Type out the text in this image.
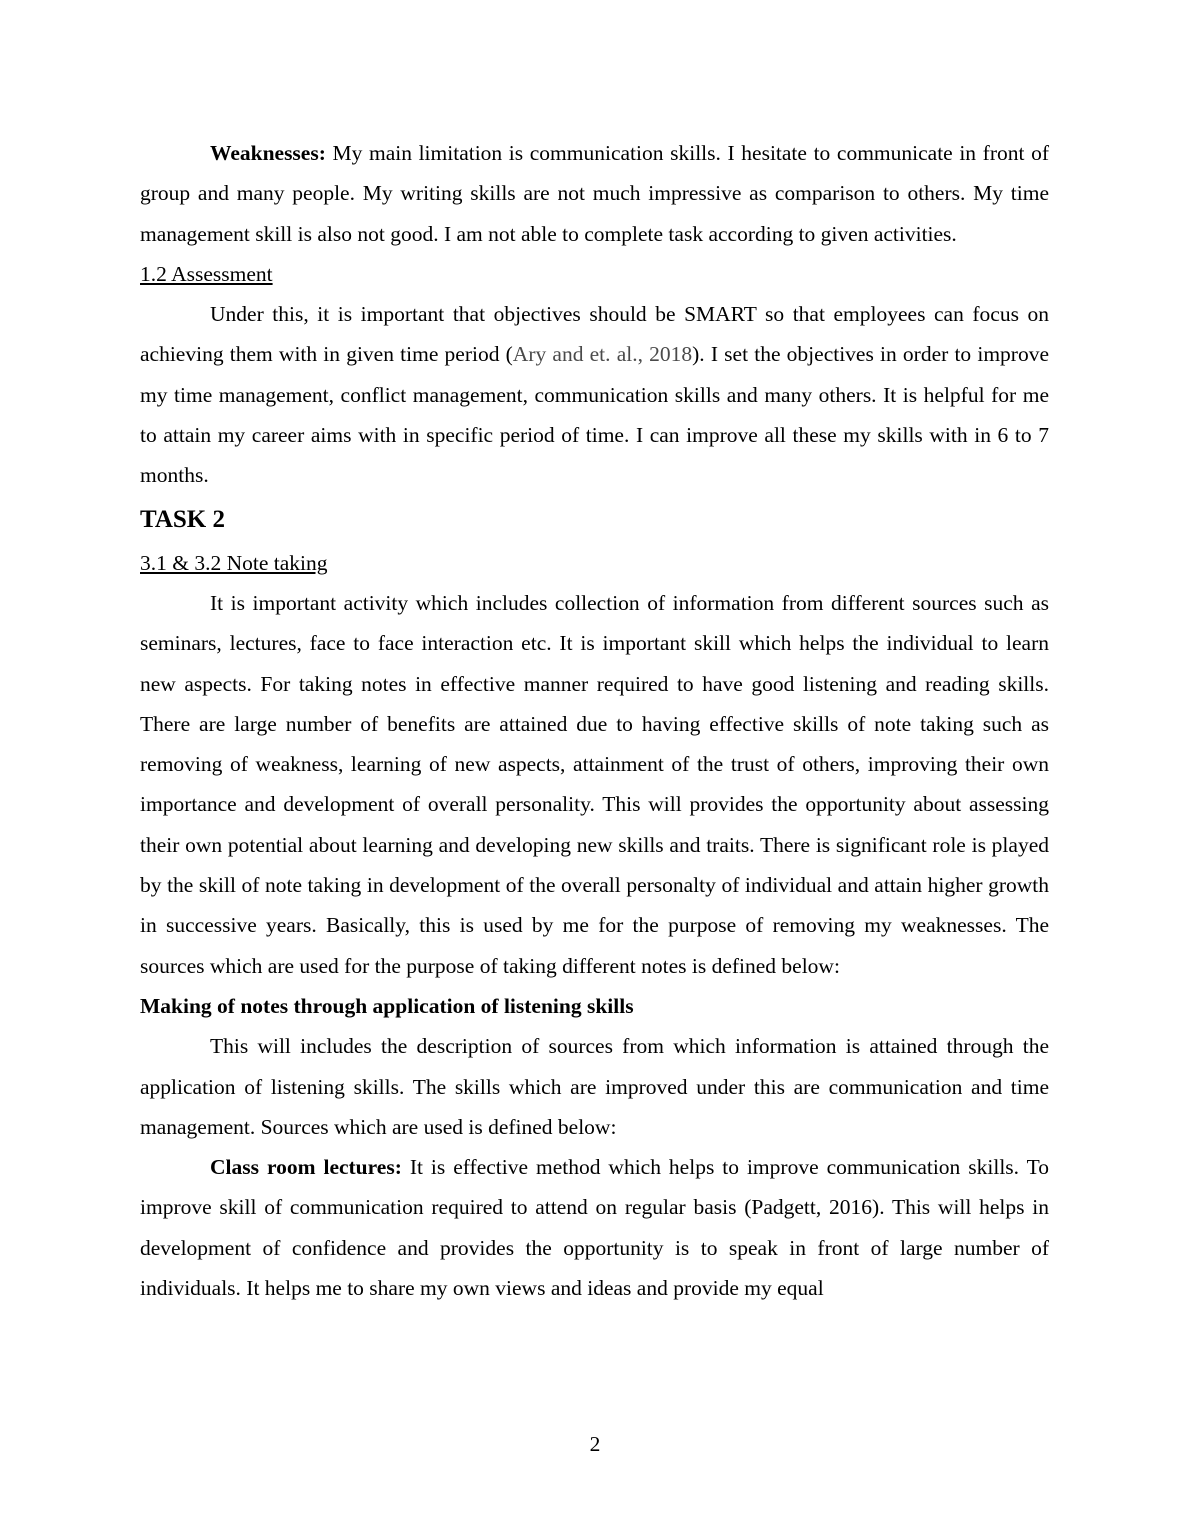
Weaknesses: My main limitation is communication skills. I hesitate to communicate in front of group and many people. My writing skills are not much impressive as comparison to others. My time management skill is also not good. I am not able to complete task according to given activities.

1.2 Assessment

Under this, it is important that objectives should be SMART so that employees can focus on achieving them with in given time period (Ary and et. al., 2018). I set the objectives in order to improve my time management, conflict management, communication skills and many others. It is helpful for me to attain my career aims with in specific period of time. I can improve all these my skills with in 6 to 7 months.

TASK 2

3.1 & 3.2 Note taking

It is important activity which includes collection of information from different sources such as seminars, lectures, face to face interaction etc. It is important skill which helps the individual to learn new aspects. For taking notes in effective manner required to have good listening and reading skills. There are large number of benefits are attained due to having effective skills of note taking such as removing of weakness, learning of new aspects, attainment of the trust of others, improving their own importance and development of overall personality. This will provides the opportunity about assessing their own potential about learning and developing new skills and traits. There is significant role is played by the skill of note taking in development of the overall personalty of individual and attain higher growth in successive years. Basically, this is used by me for the purpose of removing my weaknesses. The sources which are used for the purpose of taking different notes is defined below:

Making of notes through application of listening skills

This will includes the description of sources from which information is attained through the application of listening skills. The skills which are improved under this are communication and time management. Sources which are used is defined below:

Class room lectures: It is effective method which helps to improve communication skills. To improve skill of communication required to attend on regular basis (Padgett, 2016). This will helps in development of confidence and provides the opportunity is to speak in front of large number of individuals. It helps me to share my own views and ideas and provide my equal

2
